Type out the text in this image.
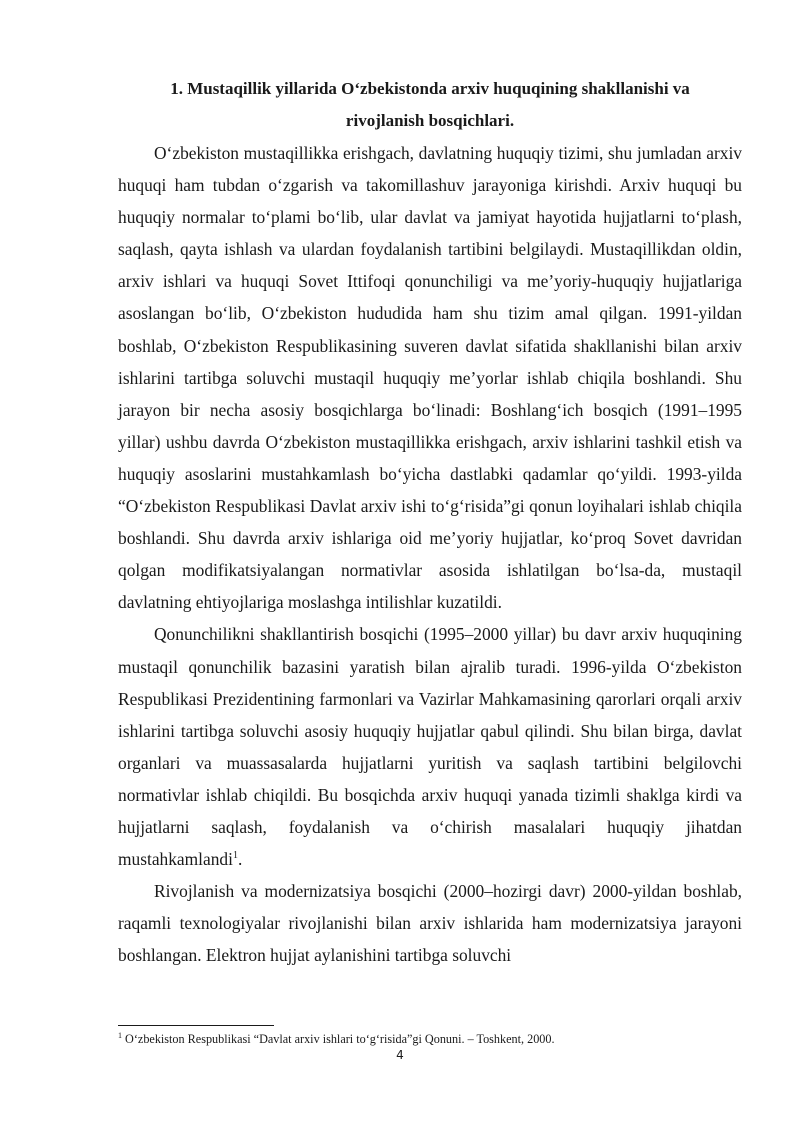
1. Mustaqillik yillarida O‘zbekistonda arxiv huquqining shakllanishi va
rivojlanish bosqichlari.

O‘zbekiston mustaqillikka erishgach, davlatning huquqiy tizimi, shu jumladan arxiv huquqi ham tubdan o‘zgarish va takomillashuv jarayoniga kirishdi. Arxiv huquqi bu huquqiy normalar to‘plami bo‘lib, ular davlat va jamiyat hayotida hujjatlarni to‘plash, saqlash, qayta ishlash va ulardan foydalanish tartibini belgilaydi. Mustaqillikdan oldin, arxiv ishlari va huquqi Sovet Ittifoqi qonunchiligi va me’yoriy-huquqiy hujjatlariga asoslangan bo‘lib, O‘zbekiston hududida ham shu tizim amal qilgan. 1991-yildan boshlab, O‘zbekiston Respublikasining suveren davlat sifatida shakllanishi bilan arxiv ishlarini tartibga soluvchi mustaqil huquqiy me’yorlar ishlab chiqila boshlandi. Shu jarayon bir necha asosiy bosqichlarga bo‘linadi: Boshlang‘ich bosqich (1991–1995 yillar) ushbu davrda O‘zbekiston mustaqillikka erishgach, arxiv ishlarini tashkil etish va huquqiy asoslarini mustahkamlash bo‘yicha dastlabki qadamlar qo‘yildi. 1993-yilda “O‘zbekiston Respublikasi Davlat arxiv ishi to‘g‘risida”gi qonun loyihalari ishlab chiqila boshlandi. Shu davrda arxiv ishlariga oid me’yoriy hujjatlar, ko‘proq Sovet davridan qolgan modifikatsiyalangan normativlar asosida ishlatilgan bo‘lsa-da, mustaqil davlatning ehtiyojlariga moslashga intilishlar kuzatildi.

Qonunchilikni shakllantirish bosqichi (1995–2000 yillar) bu davr arxiv huquqining mustaqil qonunchilik bazasini yaratish bilan ajralib turadi. 1996-yilda O‘zbekiston Respublikasi Prezidentining farmonlari va Vazirlar Mahkamasining qarorlari orqali arxiv ishlarini tartibga soluvchi asosiy huquqiy hujjatlar qabul qilindi. Shu bilan birga, davlat organlari va muassasalarda hujjatlarni yuritish va saqlash tartibini belgilovchi normativlar ishlab chiqildi. Bu bosqichda arxiv huquqi yanada tizimli shaklga kirdi va hujjatlarni saqlash, foydalanish va o‘chirish masalalari huquqiy jihatdan mustahkamlandi$^1$.

Rivojlanish va modernizatsiya bosqichi (2000–hozirgi davr) 2000-yildan boshlab, raqamli texnologiyalar rivojlanishi bilan arxiv ishlarida ham modernizatsiya jarayoni boshlangan. Elektron hujjat aylanishini tartibga soluvchi

$^1$ O‘zbekiston Respublikasi “Davlat arxiv ishlari to‘g‘risida”gi Qonuni. – Toshkent, 2000.
4
